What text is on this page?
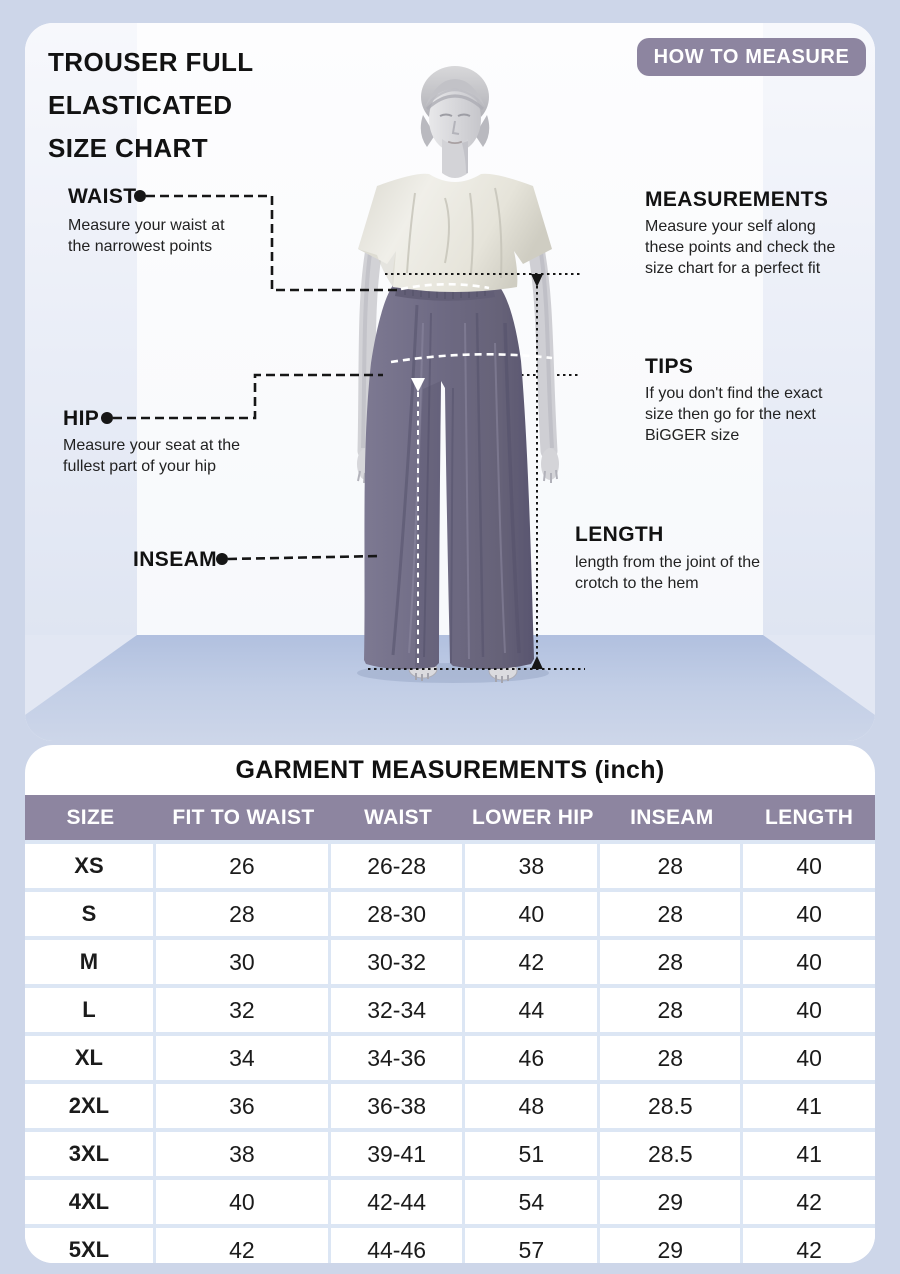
TROUSER FULL ELASTICATED
SIZE CHART
HOW TO MEASURE
WAIST
Measure your waist at the narrowest points
HIP
Measure your seat at the fullest part of your hip
INSEAM
MEASUREMENTS
Measure your self along these points and check the size chart for a perfect fit
TIPS
If you don't find the exact size then go for the next BiGGER size
LENGTH
length from the joint of the crotch to the hem
GARMENT MEASUREMENTS (inch)
SIZE	FIT TO WAIST	WAIST	LOWER HIP	INSEAM	LENGTH
XS	26	26-28	38	28	40
S	28	28-30	40	28	40
M	30	30-32	42	28	40
L	32	32-34	44	28	40
XL	34	34-36	46	28	40
2XL	36	36-38	48	28.5	41
3XL	38	39-41	51	28.5	41
4XL	40	42-44	54	29	42
5XL	42	44-46	57	29	42
